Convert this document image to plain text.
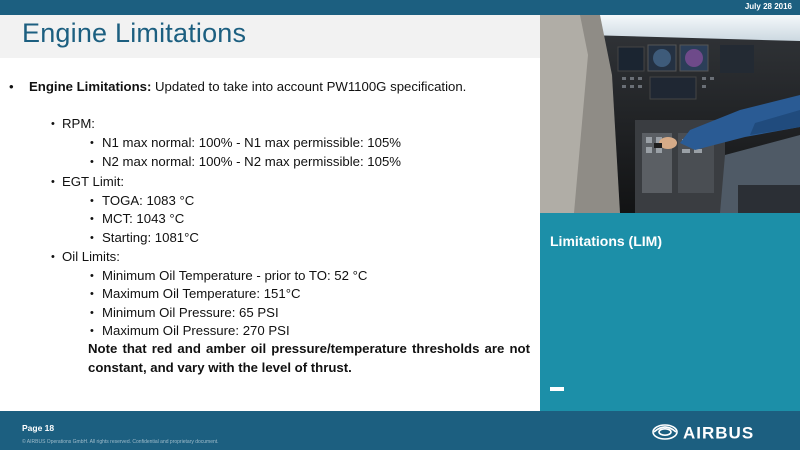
July 28 2016
Engine Limitations
• Engine Limitations: Updated to take into account PW1100G specification.
• RPM:
• N1 max normal: 100% - N1 max permissible: 105%
• N2 max normal: 100% - N2 max permissible: 105%
• EGT Limit:
• TOGA: 1083 °C
• MCT: 1043 °C
• Starting: 1081°C
• Oil Limits:
• Minimum Oil Temperature - prior to TO: 52 °C
• Maximum Oil Temperature: 151°C
• Minimum Oil Pressure: 65 PSI
• Maximum Oil Pressure: 270 PSI
Note that red and amber oil pressure/temperature thresholds are not constant, and vary with the level of thrust.
Limitations (LIM)
Page 18
© AIRBUS Operations GmbH. All rights reserved. Confidential and proprietary document.	AIRBUS
